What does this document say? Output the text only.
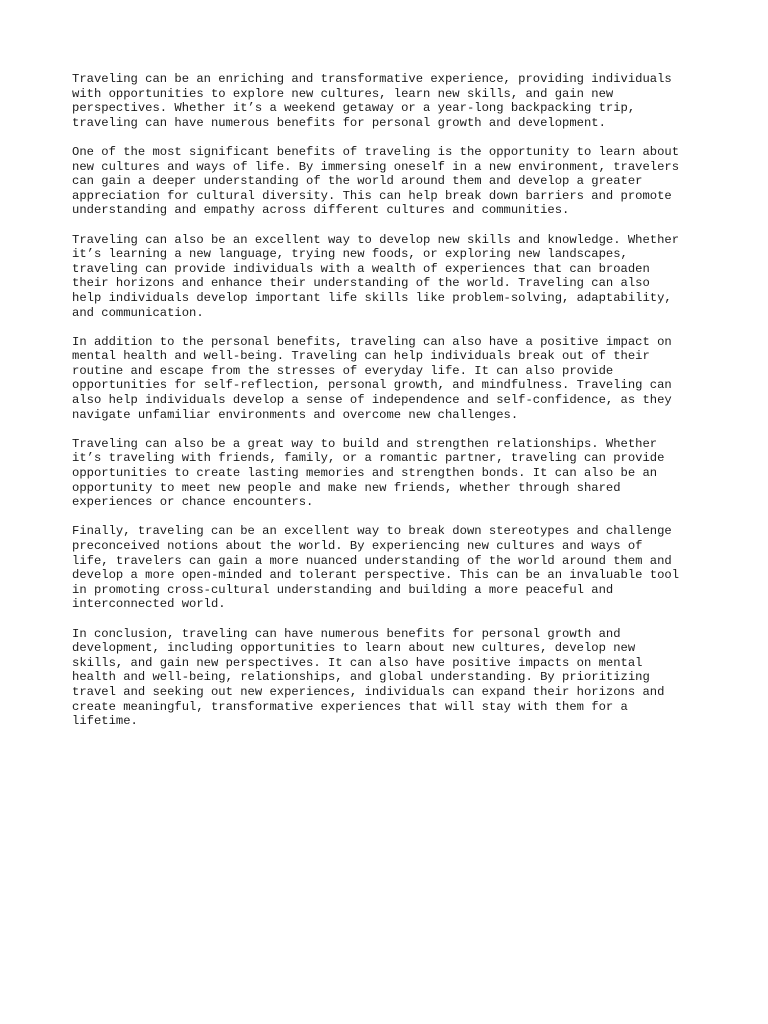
Traveling can be an enriching and transformative experience, providing individuals
with opportunities to explore new cultures, learn new skills, and gain new
perspectives. Whether it’s a weekend getaway or a year-long backpacking trip,
traveling can have numerous benefits for personal growth and development.

One of the most significant benefits of traveling is the opportunity to learn about
new cultures and ways of life. By immersing oneself in a new environment, travelers
can gain a deeper understanding of the world around them and develop a greater
appreciation for cultural diversity. This can help break down barriers and promote
understanding and empathy across different cultures and communities.

Traveling can also be an excellent way to develop new skills and knowledge. Whether
it’s learning a new language, trying new foods, or exploring new landscapes,
traveling can provide individuals with a wealth of experiences that can broaden
their horizons and enhance their understanding of the world. Traveling can also
help individuals develop important life skills like problem-solving, adaptability,
and communication.

In addition to the personal benefits, traveling can also have a positive impact on
mental health and well-being. Traveling can help individuals break out of their
routine and escape from the stresses of everyday life. It can also provide
opportunities for self-reflection, personal growth, and mindfulness. Traveling can
also help individuals develop a sense of independence and self-confidence, as they
navigate unfamiliar environments and overcome new challenges.

Traveling can also be a great way to build and strengthen relationships. Whether
it’s traveling with friends, family, or a romantic partner, traveling can provide
opportunities to create lasting memories and strengthen bonds. It can also be an
opportunity to meet new people and make new friends, whether through shared
experiences or chance encounters.

Finally, traveling can be an excellent way to break down stereotypes and challenge
preconceived notions about the world. By experiencing new cultures and ways of
life, travelers can gain a more nuanced understanding of the world around them and
develop a more open-minded and tolerant perspective. This can be an invaluable tool
in promoting cross-cultural understanding and building a more peaceful and
interconnected world.

In conclusion, traveling can have numerous benefits for personal growth and
development, including opportunities to learn about new cultures, develop new
skills, and gain new perspectives. It can also have positive impacts on mental
health and well-being, relationships, and global understanding. By prioritizing
travel and seeking out new experiences, individuals can expand their horizons and
create meaningful, transformative experiences that will stay with them for a
lifetime.
